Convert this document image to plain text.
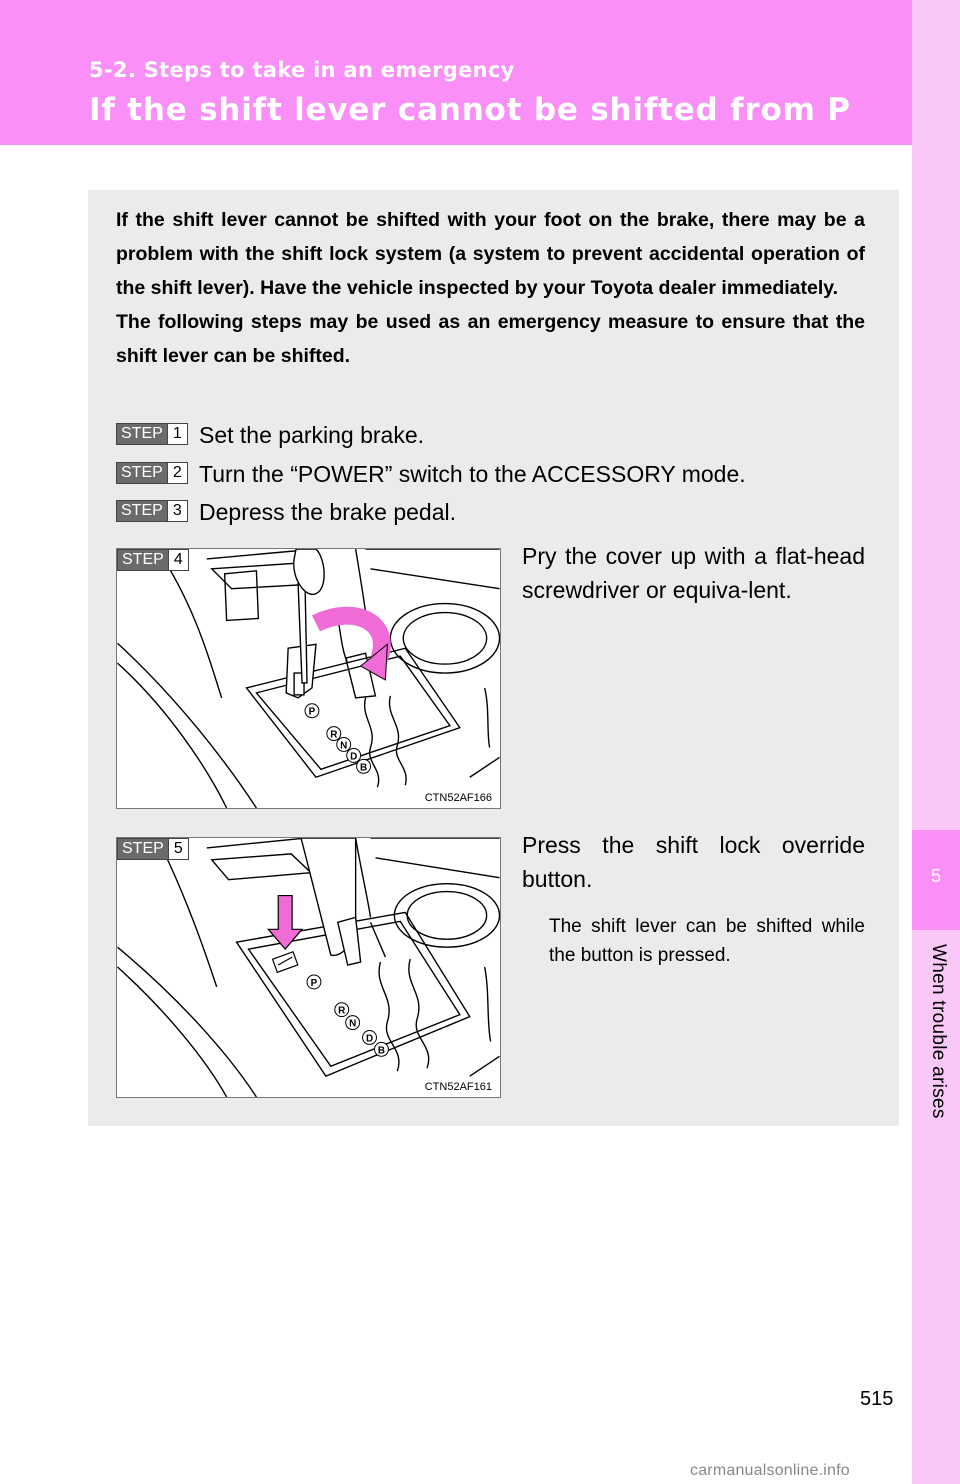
5-2. Steps to take in an emergency
If the shift lever cannot be shifted from P
5
When trouble arises

If the shift lever cannot be shifted with your foot on the brake, there may be a problem with the shift lock system (a system to prevent accidental operation of the shift lever). Have the vehicle inspected by your Toyota dealer immediately.

The following steps may be used as an emergency measure to ensure that the shift lever can be shifted.

STEP 1 Set the parking brake.
STEP 2 Turn the “POWER” switch to the ACCESSORY mode.
STEP 3 Depress the brake pedal.
P
R
N
D
B
STEP 4
CTN52AF166
Pry the cover up with a flat-head screwdriver or equiva-lent.
P
R
N
D
B
STEP 5
CTN52AF161
Press the shift lock override button.
The shift lever can be shifted while the button is pressed.
515
carmanualsonline.info
